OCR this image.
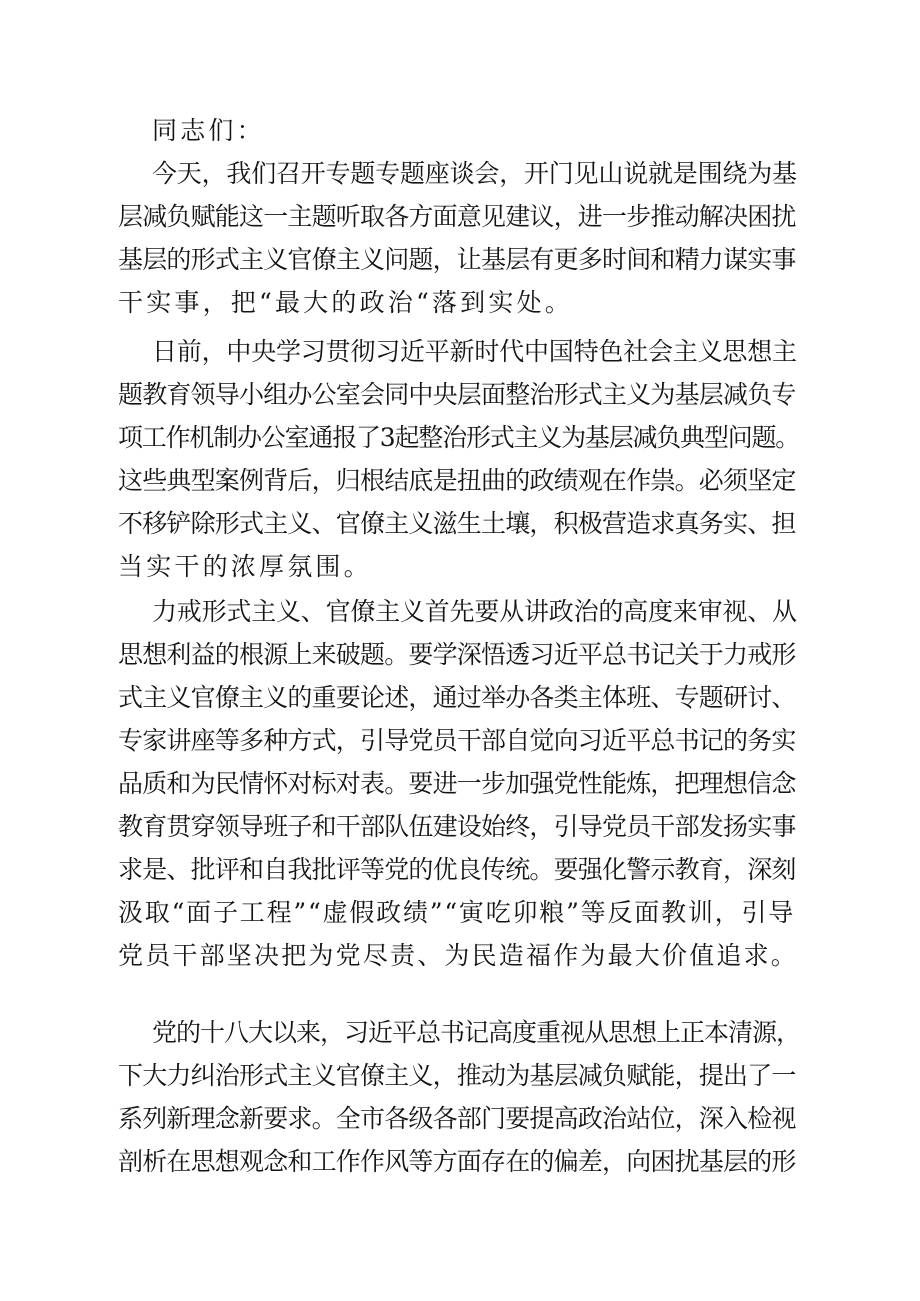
同志们：
今天，我们召开专题专题座谈会，开门见山说就是围绕为基
层减负赋能这一主题听取各方面意见建议，进一步推动解决困扰
基层的形式主义官僚主义问题，让基层有更多时间和精力谋实事
干实事，把“最大的政治“落到实处。
日前，中央学习贯彻习近平新时代中国特色社会主义思想主
题教育领导小组办公室会同中央层面整治形式主义为基层减负专
项工作机制办公室通报了3起整治形式主义为基层减负典型问题。
这些典型案例背后，归根结底是扭曲的政绩观在作祟。必须坚定
不移铲除形式主义、官僚主义滋生土壤，积极营造求真务实、担
当实干的浓厚氛围。
力戒形式主义、官僚主义首先要从讲政治的高度来审视、从
思想利益的根源上来破题。要学深悟透习近平总书记关于力戒形
式主义官僚主义的重要论述，通过举办各类主体班、专题研讨、
专家讲座等多种方式，引导党员干部自觉向习近平总书记的务实
品质和为民情怀对标对表。要进一步加强党性能炼，把理想信念
教育贯穿领导班子和干部队伍建设始终，引导党员干部发扬实事
求是、批评和自我批评等党的优良传统。要强化警示教育，深刻
汲取“面子工程”“虚假政绩”“寅吃卯粮”等反面教训，引导
党员干部坚决把为党尽责、为民造福作为最大价值追求。
党的十八大以来，习近平总书记高度重视从思想上正本清源，
下大力纠治形式主义官僚主义，推动为基层减负赋能，提出了一
系列新理念新要求。全市各级各部门要提高政治站位，深入检视
剖析在思想观念和工作作风等方面存在的偏差，向困扰基层的形
